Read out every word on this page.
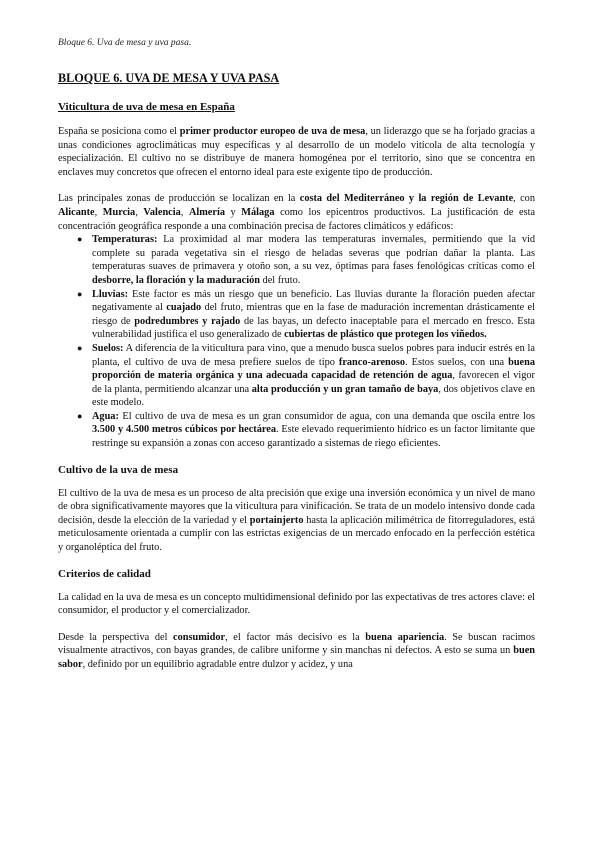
Bloque 6. Uva de mesa y uva pasa.
BLOQUE 6. UVA DE MESA Y UVA PASA
Viticultura de uva de mesa en España

España se posiciona como el primer productor europeo de uva de mesa, un liderazgo que se ha forjado gracias a unas condiciones agroclimáticas muy específicas y al desarrollo de un modelo vitícola de alta tecnología y especialización. El cultivo no se distribuye de manera homogénea por el territorio, sino que se concentra en enclaves muy concretos que ofrecen el entorno ideal para este exigente tipo de producción.

Las principales zonas de producción se localizan en la costa del Mediterráneo y la región de Levante, con Alicante, Murcia, Valencia, Almería y Málaga como los epicentros productivos. La justificación de esta concentración geográfica responde a una combinación precisa de factores climáticos y edáficos:

● Temperaturas: La proximidad al mar modera las temperaturas invernales, permitiendo que la vid complete su parada vegetativa sin el riesgo de heladas severas que podrían dañar la planta. Las temperaturas suaves de primavera y otoño son, a su vez, óptimas para fases fenológicas críticas como el desborre, la floración y la maduración del fruto.
● Lluvias: Este factor es más un riesgo que un beneficio. Las lluvias durante la floración pueden afectar negativamente al cuajado del fruto, mientras que en la fase de maduración incrementan drásticamente el riesgo de podredumbres y rajado de las bayas, un defecto inaceptable para el mercado en fresco. Esta vulnerabilidad justifica el uso generalizado de cubiertas de plástico que protegen los viñedos.
● Suelos: A diferencia de la viticultura para vino, que a menudo busca suelos pobres para inducir estrés en la planta, el cultivo de uva de mesa prefiere suelos de tipo franco-arenoso. Estos suelos, con una buena proporción de materia orgánica y una adecuada capacidad de retención de agua, favorecen el vigor de la planta, permitiendo alcanzar una alta producción y un gran tamaño de baya, dos objetivos clave en este modelo.
● Agua: El cultivo de uva de mesa es un gran consumidor de agua, con una demanda que oscila entre los 3.500 y 4.500 metros cúbicos por hectárea. Este elevado requerimiento hídrico es un factor limitante que restringe su expansión a zonas con acceso garantizado a sistemas de riego eficientes.
Cultivo de la uva de mesa

El cultivo de la uva de mesa es un proceso de alta precisión que exige una inversión económica y un nivel de mano de obra significativamente mayores que la viticultura para vinificación. Se trata de un modelo intensivo donde cada decisión, desde la elección de la variedad y el portainjerto hasta la aplicación milimétrica de fitorreguladores, está meticulosamente orientada a cumplir con las estrictas exigencias de un mercado enfocado en la perfección estética y organoléptica del fruto.

Criterios de calidad

La calidad en la uva de mesa es un concepto multidimensional definido por las expectativas de tres actores clave: el consumidor, el productor y el comercializador.

Desde la perspectiva del consumidor, el factor más decisivo es la buena apariencia. Se buscan racimos visualmente atractivos, con bayas grandes, de calibre uniforme y sin manchas ni defectos. A esto se suma un buen sabor, definido por un equilibrio agradable entre dulzor y acidez, y una
